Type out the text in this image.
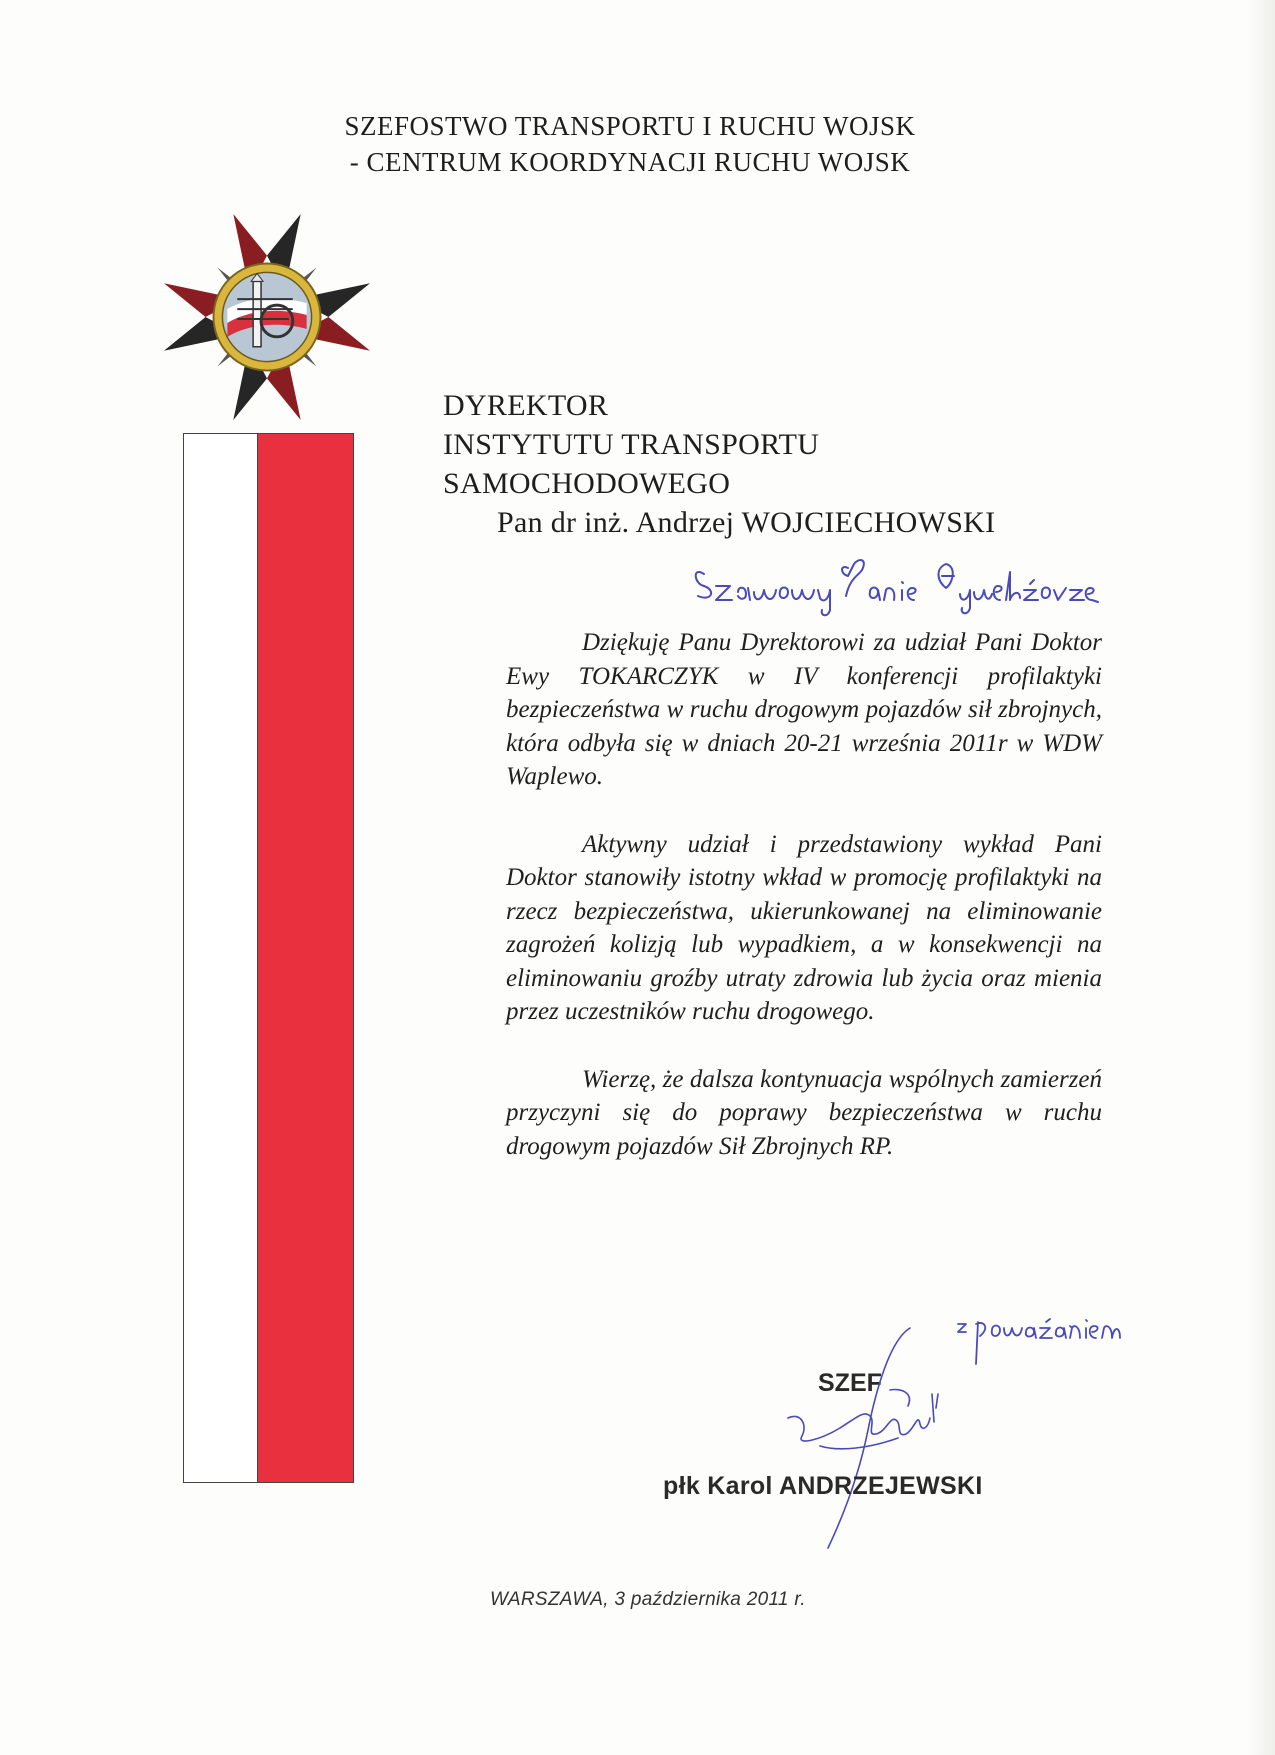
SZEFOSTWO TRANSPORTU I RUCHU WOJSK
- CENTRUM KOORDYNACJI RUCHU WOJSK
DYREKTOR
INSTYTUTU TRANSPORTU
SAMOCHODOWEGO
Pan dr inż. Andrzej WOJCIECHOWSKI

Dziękuję Panu Dyrektorowi za udział Pani Doktor Ewy TOKARCZYK w IV konferencji profilaktyki bezpieczeństwa w ruchu drogowym pojazdów sił zbrojnych, która odbyła się w dniach 20-21 września 2011r w WDW Waplewo.

Aktywny udział i przedstawiony wykład Pani Doktor stanowiły istotny wkład w promocję profilaktyki na rzecz bezpieczeństwa, ukierunkowanej na eliminowanie zagrożeń kolizją lub wypadkiem, a w konsekwencji na eliminowaniu groźby utraty zdrowia lub życia oraz mienia przez uczestników ruchu drogowego.

Wierzę, że dalsza kontynuacja wspólnych zamierzeń przyczyni się do poprawy bezpieczeństwa w ruchu drogowym pojazdów Sił Zbrojnych RP.

SZEF
płk Karol ANDRZEJEWSKI
WARSZAWA, 3 października 2011 r.
